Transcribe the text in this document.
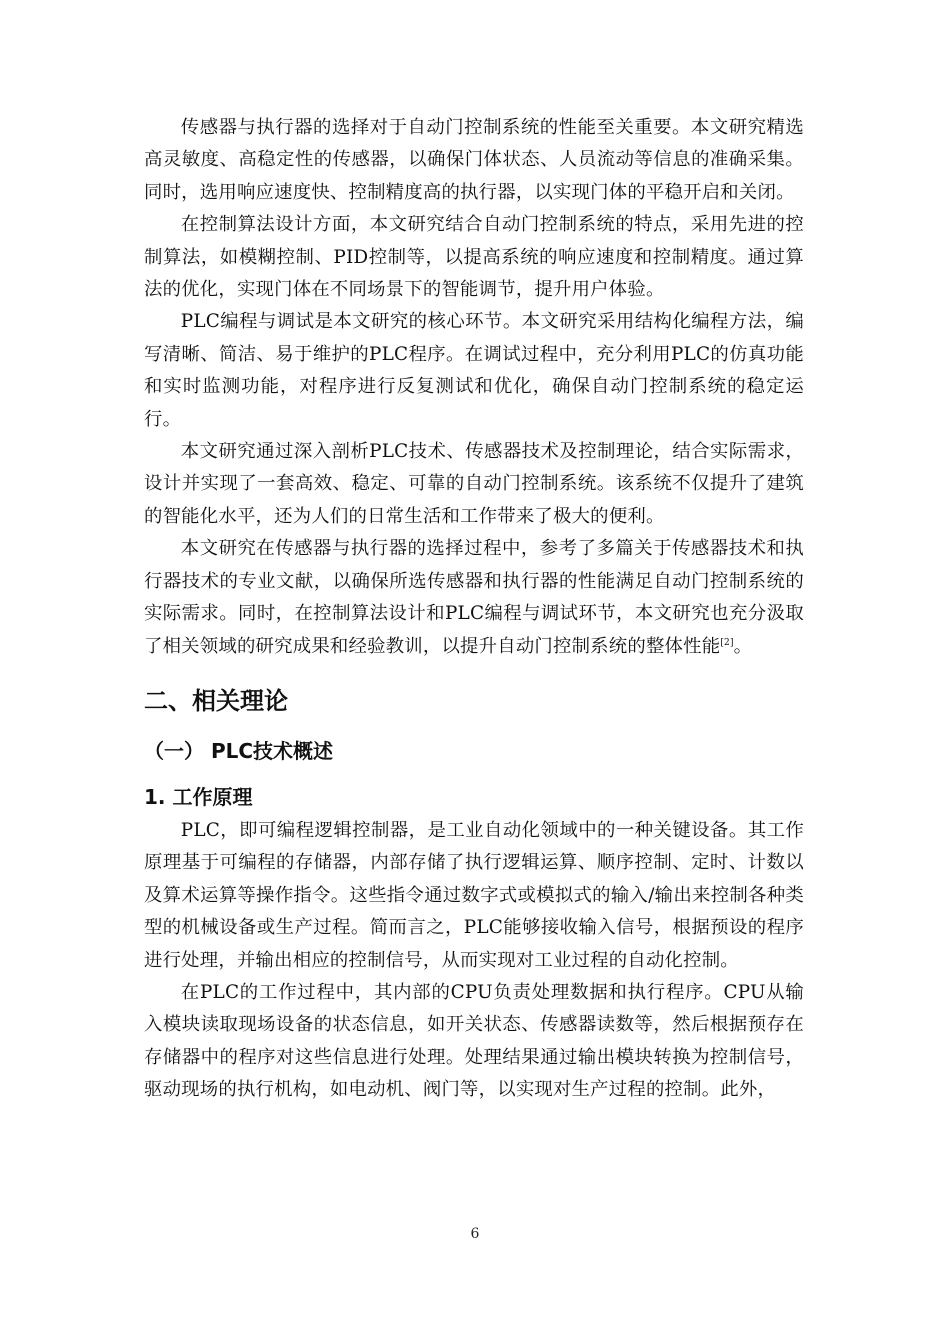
传感器与执行器的选择对于自动门控制系统的性能至关重要。本文研究精选高灵敏度、高稳定性的传感器，以确保门体状态、人员流动等信息的准确采集。同时，选用响应速度快、控制精度高的执行器，以实现门体的平稳开启和关闭。

在控制算法设计方面，本文研究结合自动门控制系统的特点，采用先进的控制算法，如模糊控制、PID控制等，以提高系统的响应速度和控制精度。通过算法的优化，实现门体在不同场景下的智能调节，提升用户体验。

PLC编程与调试是本文研究的核心环节。本文研究采用结构化编程方法，编写清晰、简洁、易于维护的PLC程序。在调试过程中，充分利用PLC的仿真功能和实时监测功能，对程序进行反复测试和优化，确保自动门控制系统的稳定运行。

本文研究通过深入剖析PLC技术、传感器技术及控制理论，结合实际需求，设计并实现了一套高效、稳定、可靠的自动门控制系统。该系统不仅提升了建筑的智能化水平，还为人们的日常生活和工作带来了极大的便利。

本文研究在传感器与执行器的选择过程中，参考了多篇关于传感器技术和执行器技术的专业文献，以确保所选传感器和执行器的性能满足自动门控制系统的实际需求。同时，在控制算法设计和PLC编程与调试环节，本文研究也充分汲取了相关领域的研究成果和经验教训，以提升自动门控制系统的整体性能[2]。

二、相关理论
（一） PLC技术概述
1. 工作原理

PLC，即可编程逻辑控制器，是工业自动化领域中的一种关键设备。其工作原理基于可编程的存储器，内部存储了执行逻辑运算、顺序控制、定时、计数以及算术运算等操作指令。这些指令通过数字式或模拟式的输入/输出来控制各种类型的机械设备或生产过程。简而言之，PLC能够接收输入信号，根据预设的程序进行处理，并输出相应的控制信号，从而实现对工业过程的自动化控制。

在PLC的工作过程中，其内部的CPU负责处理数据和执行程序。CPU从输入模块读取现场设备的状态信息，如开关状态、传感器读数等，然后根据预存在存储器中的程序对这些信息进行处理。处理结果通过输出模块转换为控制信号，驱动现场的执行机构，如电动机、阀门等，以实现对生产过程的控制。此外，

6
